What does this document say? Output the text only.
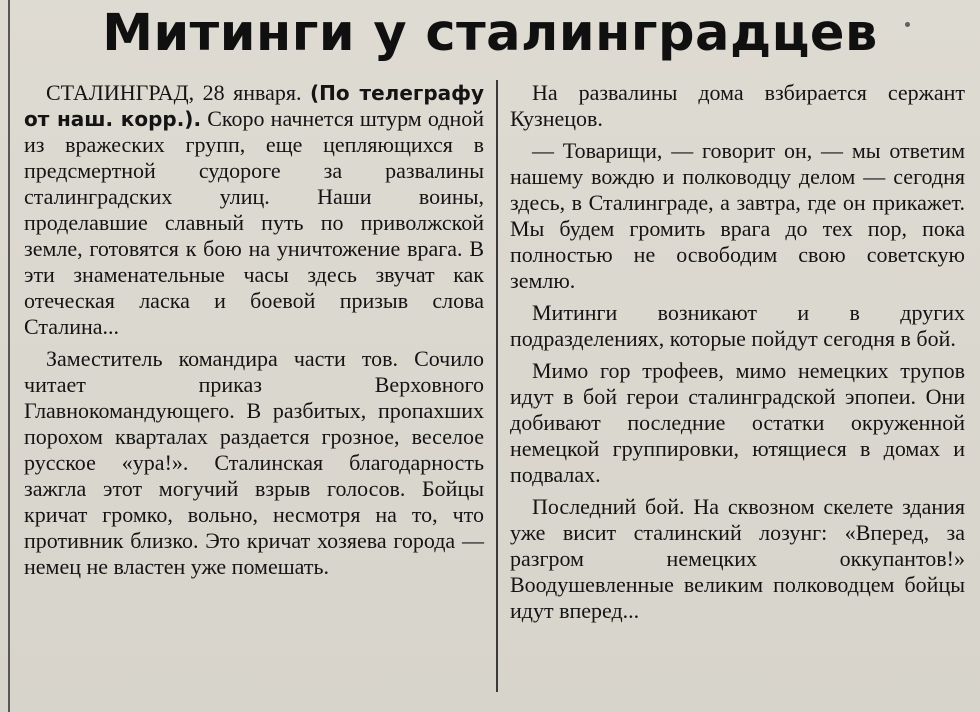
Митинги у сталинградцев

СТАЛИНГРАД, 28 января. (По телеграфу от наш. корр.). Скоро начнется штурм одной из вражеских групп, еще цепляющихся в предсмертной судороге за развалины сталинградских улиц. Наши воины, проделавшие славный путь по приволжской земле, готовятся к бою на уничтожение врага. В эти знаменательные часы здесь звучат как отеческая ласка и боевой призыв слова Сталина...

Заместитель командира части тов. Сочило читает приказ Верховного Главнокомандующего. В разбитых, пропахших порохом кварталах раздается грозное, веселое русское «ура!». Сталинская благодарность зажгла этот могучий взрыв голосов. Бойцы кричат громко, вольно, несмотря на то, что противник близко. Это кричат хозяева города — немец не властен уже помешать.

На развалины дома взбирается сержант Кузнецов.

— Товарищи, — говорит он, — мы ответим нашему вождю и полководцу делом — сегодня здесь, в Сталинграде, а завтра, где он прикажет. Мы будем громить врага до тех пор, пока полностью не освободим свою советскую землю.

Митинги возникают и в других подразделениях, которые пойдут сегодня в бой.

Мимо гор трофеев, мимо немецких трупов идут в бой герои сталинградской эпопеи. Они добивают последние остатки окруженной немецкой группировки, ютящиеся в домах и подвалах.

Последний бой. На сквозном скелете здания уже висит сталинский лозунг: «Вперед, за разгром немецких оккупантов!» Воодушевленные великим полководцем бойцы идут вперед...
